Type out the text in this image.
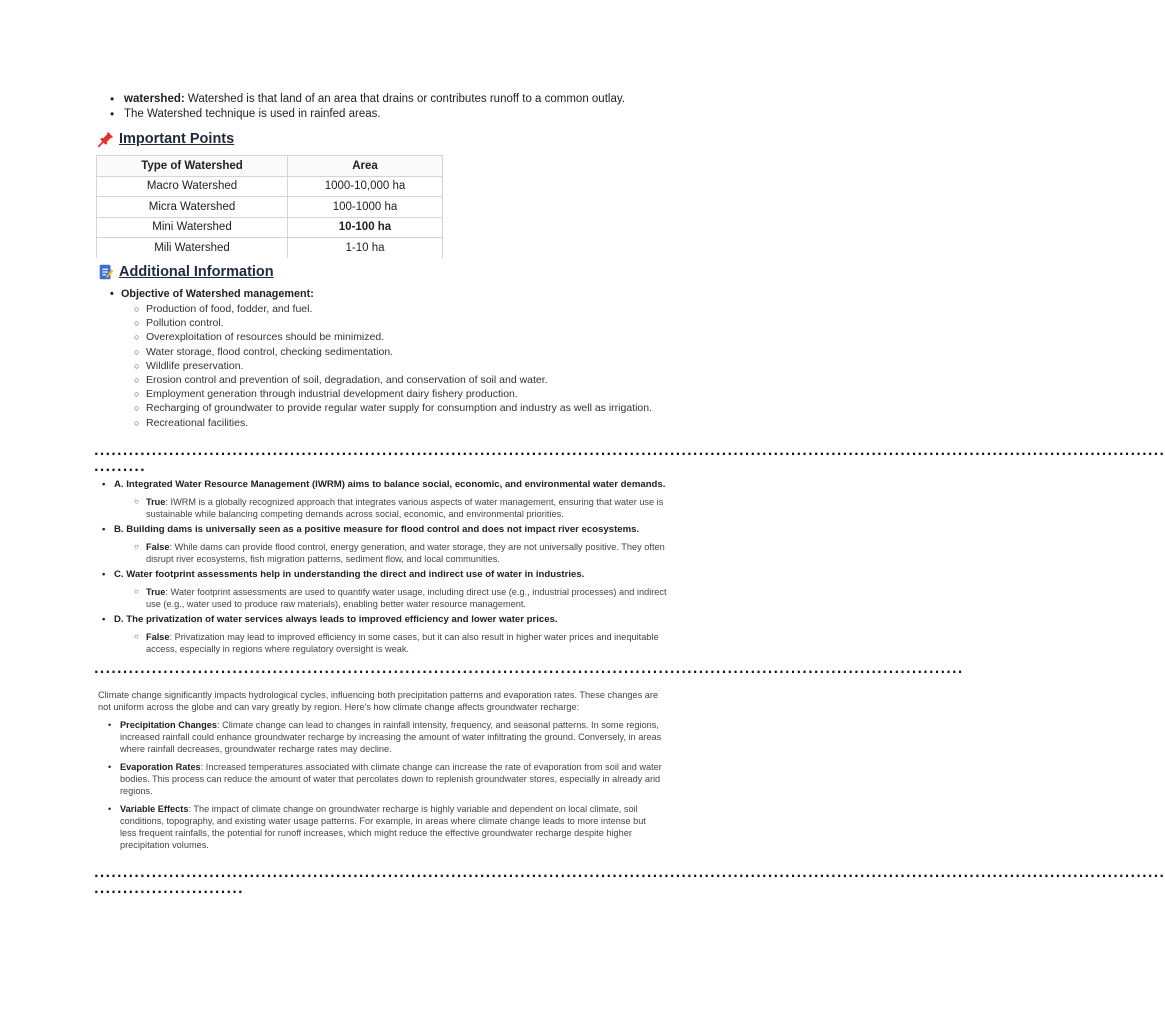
• watershed: Watershed is that land of an area that drains or contributes runoff to a common outlay.
• The Watershed technique is used in rainfed areas.
Important Points
Type of Watershed	Area
Macro Watershed	1000-10,000 ha
Micra Watershed	100-1000 ha
Mini Watershed	10-100 ha
Mili Watershed	1-10 ha
Additional Information
• Objective of Watershed management:
○ Production of food, fodder, and fuel.
○ Pollution control.
○ Overexploitation of resources should be minimized.
○ Water storage, flood control, checking sedimentation.
○ Wildlife preservation.
○ Erosion control and prevention of soil, degradation, and conservation of soil and water.
○ Employment generation through industrial development dairy fishery production.
○ Recharging of groundwater to provide regular water supply for consumption and industry as well as irrigation.
○ Recreational facilities.
..........................................................................................................................................................................................
.........
• A. Integrated Water Resource Management (IWRM) aims to balance social, economic, and environmental water demands.
○ True: IWRM is a globally recognized approach that integrates various aspects of water management, ensuring that water use is sustainable while balancing competing demands across social, economic, and environmental priorities.
• B. Building dams is universally seen as a positive measure for flood control and does not impact river ecosystems.
○ False: While dams can provide flood control, energy generation, and water storage, they are not universally positive. They often disrupt river ecosystems, fish migration patterns, sediment flow, and local communities.
• C. Water footprint assessments help in understanding the direct and indirect use of water in industries.
○ True: Water footprint assessments are used to quantify water usage, including direct use (e.g., industrial processes) and indirect use (e.g., water used to produce raw materials), enabling better water resource management.
• D. The privatization of water services always leads to improved efficiency and lower water prices.
○ False: Privatization may lead to improved efficiency in some cases, but it can also result in higher water prices and inequitable access, especially in regions where regulatory oversight is weak.
.......................................................................................................................................................
Climate change significantly impacts hydrological cycles, influencing both precipitation patterns and evaporation rates. These changes are not uniform across the globe and can vary greatly by region. Here's how climate change affects groundwater recharge:
• Precipitation Changes: Climate change can lead to changes in rainfall intensity, frequency, and seasonal patterns. In some regions, increased rainfall could enhance groundwater recharge by increasing the amount of water infiltrating the ground. Conversely, in areas where rainfall decreases, groundwater recharge rates may decline.
• Evaporation Rates: Increased temperatures associated with climate change can increase the rate of evaporation from soil and water bodies. This process can reduce the amount of water that percolates down to replenish groundwater stores, especially in already arid regions.
• Variable Effects: The impact of climate change on groundwater recharge is highly variable and dependent on local climate, soil conditions, topography, and existing water usage patterns. For example, in areas where climate change leads to more intense but less frequent rainfalls, the potential for runoff increases, which might reduce the effective groundwater recharge despite higher precipitation volumes.
..........................................................................................................................................................................................
..........................
